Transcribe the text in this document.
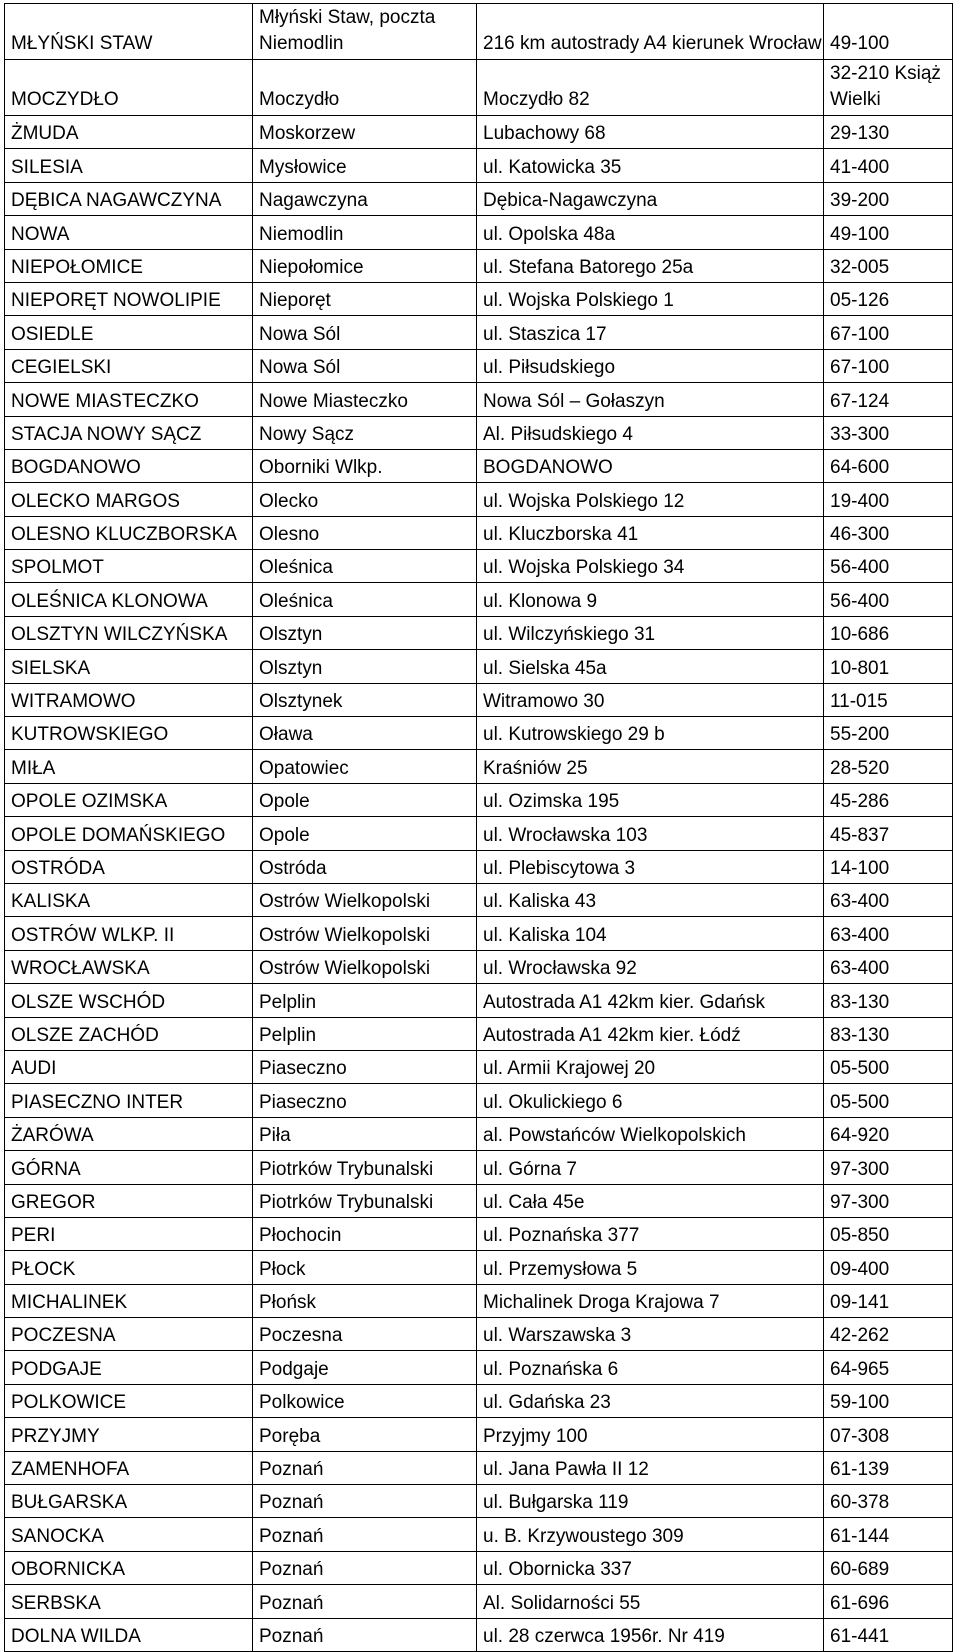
MŁYŃSKI STAW	Młyński Staw, poczta Niemodlin	216 km autostrady A4 kierunek Wrocław	49-100
MOCZYDŁO	Moczydło	Moczydło 82	32-210 Książ Wielki
ŻMUDA	Moskorzew	Lubachowy 68	29-130
SILESIA	Mysłowice	ul. Katowicka 35	41-400
DĘBICA NAGAWCZYNA	Nagawczyna	Dębica-Nagawczyna	39-200
NOWA	Niemodlin	ul. Opolska 48a	49-100
NIEPOŁOMICE	Niepołomice	ul. Stefana Batorego 25a	32-005
NIEPORĘT NOWOLIPIE	Nieporęt	ul. Wojska Polskiego 1	05-126
OSIEDLE	Nowa Sól	ul. Staszica 17	67-100
CEGIELSKI	Nowa Sól	ul. Piłsudskiego	67-100
NOWE MIASTECZKO	Nowe Miasteczko	Nowa Sól – Gołaszyn	67-124
STACJA NOWY SĄCZ	Nowy Sącz	Al. Piłsudskiego 4	33-300
BOGDANOWO	Oborniki Wlkp.	BOGDANOWO	64-600
OLECKO MARGOS	Olecko	ul. Wojska Polskiego 12	19-400
OLESNO KLUCZBORSKA	Olesno	ul. Kluczborska 41	46-300
SPOLMOT	Oleśnica	ul. Wojska Polskiego 34	56-400
OLEŚNICA KLONOWA	Oleśnica	ul. Klonowa 9	56-400
OLSZTYN WILCZYŃSKA	Olsztyn	ul. Wilczyńskiego 31	10-686
SIELSKA	Olsztyn	ul. Sielska 45a	10-801
WITRAMOWO	Olsztynek	Witramowo 30	11-015
KUTROWSKIEGO	Oława	ul. Kutrowskiego 29 b	55-200
MIŁA	Opatowiec	Kraśniów 25	28-520
OPOLE OZIMSKA	Opole	ul. Ozimska 195	45-286
OPOLE DOMAŃSKIEGO	Opole	ul. Wrocławska 103	45-837
OSTRÓDA	Ostróda	ul. Plebiscytowa 3	14-100
KALISKA	Ostrów Wielkopolski	ul. Kaliska 43	63-400
OSTRÓW WLKP. II	Ostrów Wielkopolski	ul. Kaliska 104	63-400
WROCŁAWSKA	Ostrów Wielkopolski	ul. Wrocławska 92	63-400
OLSZE WSCHÓD	Pelplin	Autostrada A1 42km kier. Gdańsk	83-130
OLSZE ZACHÓD	Pelplin	Autostrada A1 42km kier. Łódź	83-130
AUDI	Piaseczno	ul. Armii Krajowej 20	05-500
PIASECZNO INTER	Piaseczno	ul. Okulickiego 6	05-500
ŻARÓWA	Piła	al. Powstańców Wielkopolskich	64-920
GÓRNA	Piotrków Trybunalski	ul. Górna 7	97-300
GREGOR	Piotrków Trybunalski	ul. Cała 45e	97-300
PERI	Płochocin	ul. Poznańska 377	05-850
PŁOCK	Płock	ul. Przemysłowa 5	09-400
MICHALINEK	Płońsk	Michalinek Droga Krajowa 7	09-141
POCZESNA	Poczesna	ul. Warszawska 3	42-262
PODGAJE	Podgaje	ul. Poznańska 6	64-965
POLKOWICE	Polkowice	ul. Gdańska 23	59-100
PRZYJMY	Poręba	Przyjmy 100	07-308
ZAMENHOFA	Poznań	ul. Jana Pawła II 12	61-139
BUŁGARSKA	Poznań	ul. Bułgarska 119	60-378
SANOCKA	Poznań	u. B. Krzywoustego 309	61-144
OBORNICKA	Poznań	ul. Obornicka 337	60-689
SERBSKA	Poznań	Al. Solidarności 55	61-696
DOLNA WILDA	Poznań	ul. 28 czerwca 1956r. Nr 419	61-441
